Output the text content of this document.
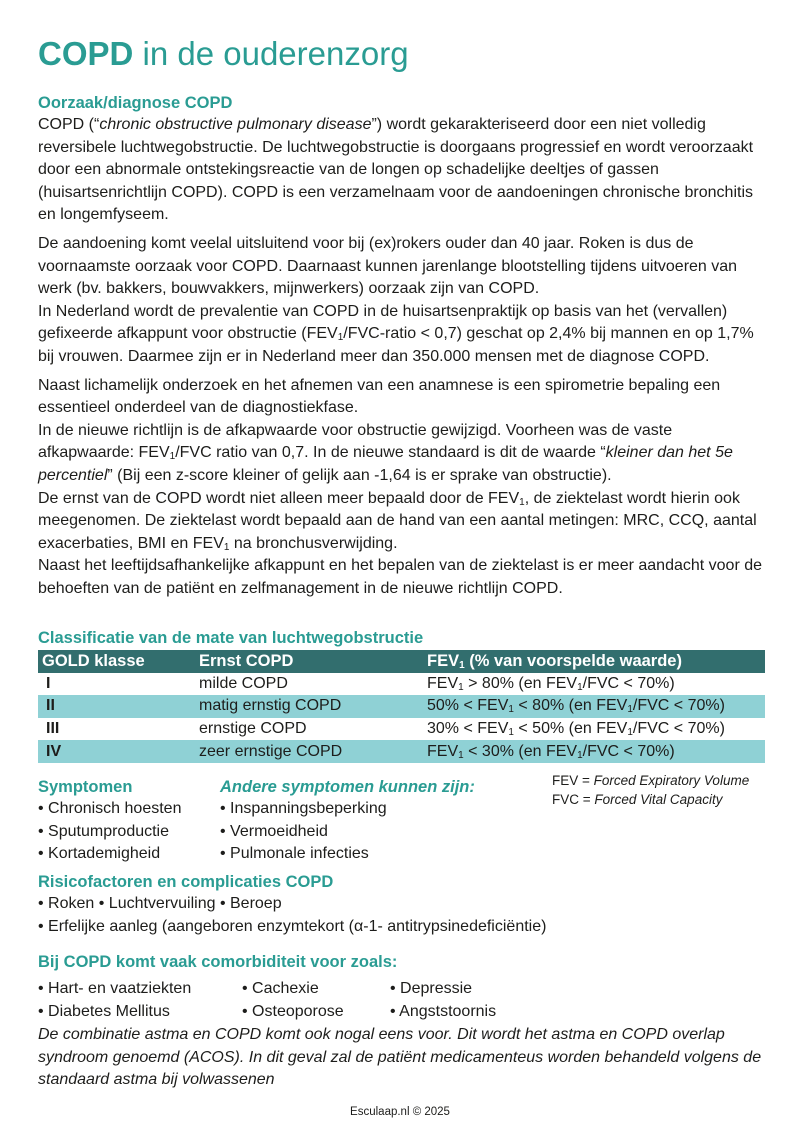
COPD in de ouderenzorg
Oorzaak/diagnose COPD

COPD (“chronic obstructive pulmonary disease”) wordt gekarakteriseerd door een niet volledig reversibele luchtwegobstructie. De luchtwegobstructie is doorgaans progressief en wordt veroorzaakt door een abnormale ontstekingsreactie van de longen op schadelijke deeltjes of gassen (huisartsenrichtlijn COPD). COPD is een verzamelnaam voor de aandoeningen chronische bronchitis en longemfyseem.

De aandoening komt veelal uitsluitend voor bij (ex)rokers ouder dan 40 jaar. Roken is dus de voornaamste oorzaak voor COPD. Daarnaast kunnen jarenlange blootstelling tijdens uitvoeren van werk (bv. bakkers, bouwvakkers, mijnwerkers) oorzaak zijn van COPD.
In Nederland wordt de prevalentie van COPD in de huisartsenpraktijk op basis van het (vervallen) gefixeerde afkappunt voor obstructie ($FEV_1/FVC$-ratio < 0,7) geschat op 2,4% bij mannen en op 1,7% bij vrouwen. Daarmee zijn er in Nederland meer dan 350.000 mensen met de diagnose COPD.

Naast lichamelijk onderzoek en het afnemen van een anamnese is een spirometrie bepaling een essentieel onderdeel van de diagnostiekfase.
In de nieuwe richtlijn is de afkapwaarde voor obstructie gewijzigd. Voorheen was de vaste afkapwaarde: $FEV_1$/FVC ratio van 0,7. In de nieuwe standaard is dit de waarde “kleiner dan het 5e percentiel” (Bij een z-score kleiner of gelijk aan -1,64 is er sprake van obstructie).
De ernst van de COPD wordt niet alleen meer bepaald door de $FEV_1$, de ziektelast wordt hierin ook meegenomen. De ziektelast wordt bepaald aan de hand van een aantal metingen: MRC, CCQ, aantal exacerbaties, BMI en $FEV_1$ na bronchusverwijding.
Naast het leeftijdsafhankelijke afkappunt en het bepalen van de ziektelast is er meer aandacht voor de behoeften van de patiënt en zelfmanagement in de nieuwe richtlijn COPD.

Classificatie van de mate van luchtwegobstructie
GOLD klasse	Ernst COPD	$FEV_1$ (% van voorspelde waarde)
I	milde COPD	$FEV_1 > 80\%$ (en $FEV_1$/FVC < 70%)
II	matig ernstig COPD	$50\% < FEV_1 < 80\%$ (en $FEV_1$/FVC < 70%)
III	ernstige COPD	$30\% < FEV_1 < 50\%$ (en $FEV_1$/FVC < 70%)
IV	zeer ernstige COPD	$FEV_1 < 30\%$ (en $FEV_1$/FVC < 70%)
Symptomen
• Chronisch hoesten
• Sputumproductie
• Kortademigheid
Andere symptomen kunnen zijn:
• Inspanningsbeperking
• Vermoeidheid
• Pulmonale infecties
FEV = Forced Expiratory Volume
FVC = Forced Vital Capacity
Risicofactoren en complicaties COPD
• Roken • Luchtvervuiling • Beroep
• Erfelijke aanleg (aangeboren enzymtekort (α-1- antitrypsinedeficiëntie)
Bij COPD komt vaak comorbiditeit voor zoals:
• Hart- en vaatziekten
• Diabetes Mellitus
• Cachexie
• Osteoporose
• Depressie
• Angststoornis
De combinatie astma en COPD komt ook nogal eens voor. Dit wordt het astma en COPD overlap syndroom genoemd (ACOS). In dit geval zal de patiënt medicamenteus worden behandeld volgens de standaard astma bij volwassenen
Esculaap.nl © 2025
